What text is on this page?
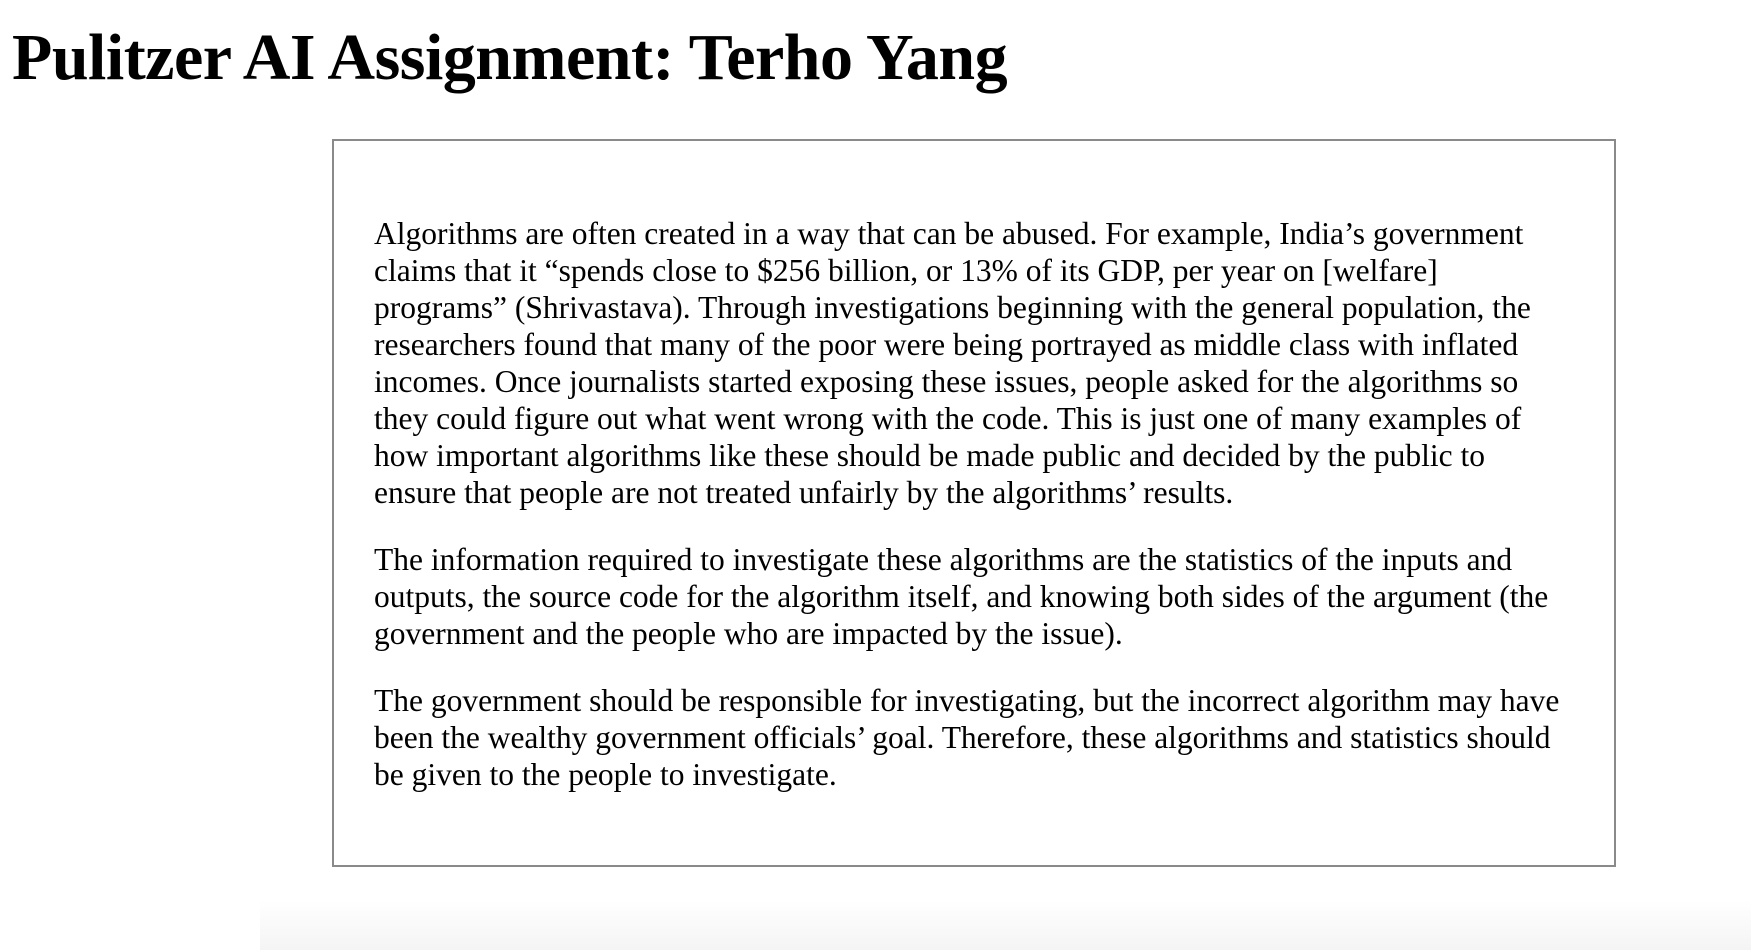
Pulitzer AI Assignment: Terho Yang

Algorithms are often created in a way that can be abused. For example, India’s government claims that it “spends close to $256 billion, or 13% of its GDP, per year on [welfare] programs” (Shrivastava). Through investigations beginning with the general population, the researchers found that many of the poor were being portrayed as middle class with inflated incomes. Once journalists started exposing these issues, people asked for the algorithms so they could figure out what went wrong with the code. This is just one of many examples of how important algorithms like these should be made public and decided by the public to ensure that people are not treated unfairly by the algorithms’ results.

The information required to investigate these algorithms are the statistics of the inputs and outputs, the source code for the algorithm itself, and knowing both sides of the argument (the government and the people who are impacted by the issue).

The government should be responsible for investigating, but the incorrect algorithm may have been the wealthy government officials’ goal. Therefore, these algorithms and statistics should be given to the people to investigate.
